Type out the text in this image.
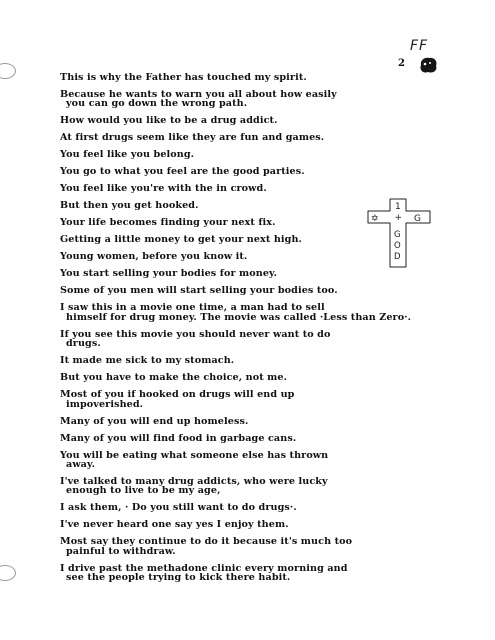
FF
2

This is why the Father has touched my spirit.

Because he wants to warn you all about how easily
you can go down the wrong path.

How would you like to be a drug addict.

At first drugs seem like they are fun and games.

You feel like you belong.

You go to what you feel are the good parties.

You feel like you're with the in crowd.

But then you get hooked.

Your life becomes finding your next fix.

Getting a little money to get your next high.

Young women, before you know it.

You start selling your bodies for money.

Some of you men will start selling your bodies too.

I saw this in a movie one time, a man had to sell
himself for drug money. The movie was called ·Less than Zero·.

If you see this movie you should never want to do
drugs.

It made me sick to my stomach.

But you have to make the choice, not me.

Most of you if hooked on drugs will end up
impoverished.

Many of you will end up homeless.

Many of you will find food in garbage cans.

You will be eating what someone else has thrown
away.

I've talked to many drug addicts, who were lucky
enough to live to be my age,

I ask them, · Do you still want to do drugs·.

I've never heard one say yes I enjoy them.

Most say they continue to do it because it's much too
painful to withdraw.

I drive past the methadone clinic every morning and
see the people trying to kick there habit.

+
✡
1
G
G O D
